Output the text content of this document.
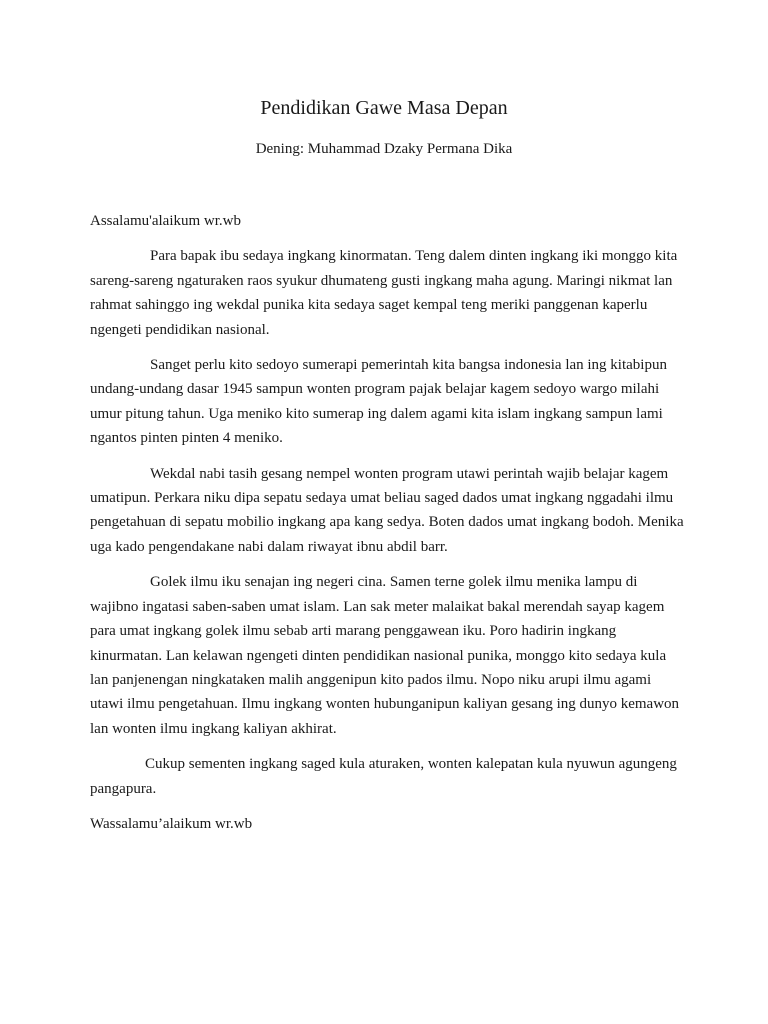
Pendidikan Gawe Masa Depan
Dening: Muhammad Dzaky Permana Dika

Assalamu'alaikum wr.wb

Para bapak ibu sedaya ingkang kinormatan. Teng dalem dinten ingkang iki monggo kita sareng-sareng ngaturaken raos syukur dhumateng gusti ingkang maha agung. Maringi nikmat lan rahmat sahinggo ing wekdal punika kita sedaya saget kempal teng meriki panggenan kaperlu ngengeti pendidikan nasional.

Sanget perlu kito sedoyo sumerapi pemerintah kita bangsa indonesia lan ing kitabipun undang-undang dasar 1945 sampun wonten program pajak belajar kagem sedoyo wargo milahi umur pitung tahun. Uga meniko kito sumerap ing dalem agami kita islam ingkang sampun lami ngantos pinten pinten 4 meniko.

Wekdal nabi tasih gesang nempel wonten program utawi perintah wajib belajar kagem umatipun. Perkara niku dipa sepatu sedaya umat beliau saged dados umat ingkang nggadahi ilmu pengetahuan di sepatu mobilio ingkang apa kang sedya. Boten dados umat ingkang bodoh. Menika uga kado pengendakane nabi dalam riwayat ibnu abdil barr.

Golek ilmu iku senajan ing negeri cina. Samen terne golek ilmu menika lampu di wajibno ingatasi saben-saben umat islam. Lan sak meter malaikat bakal merendah sayap kagem para umat ingkang golek ilmu sebab arti marang penggawean iku. Poro hadirin ingkang kinurmatan. Lan kelawan ngengeti dinten pendidikan nasional punika, monggo kito sedaya kula lan panjenengan ningkataken malih anggenipun kito pados ilmu. Nopo niku arupi ilmu agami utawi ilmu pengetahuan. Ilmu ingkang wonten hubunganipun kaliyan gesang ing dunyo kemawon lan wonten ilmu ingkang kaliyan akhirat.

Cukup sementen ingkang saged kula aturaken, wonten kalepatan kula nyuwun agungeng pangapura.

Wassalamu’alaikum wr.wb
